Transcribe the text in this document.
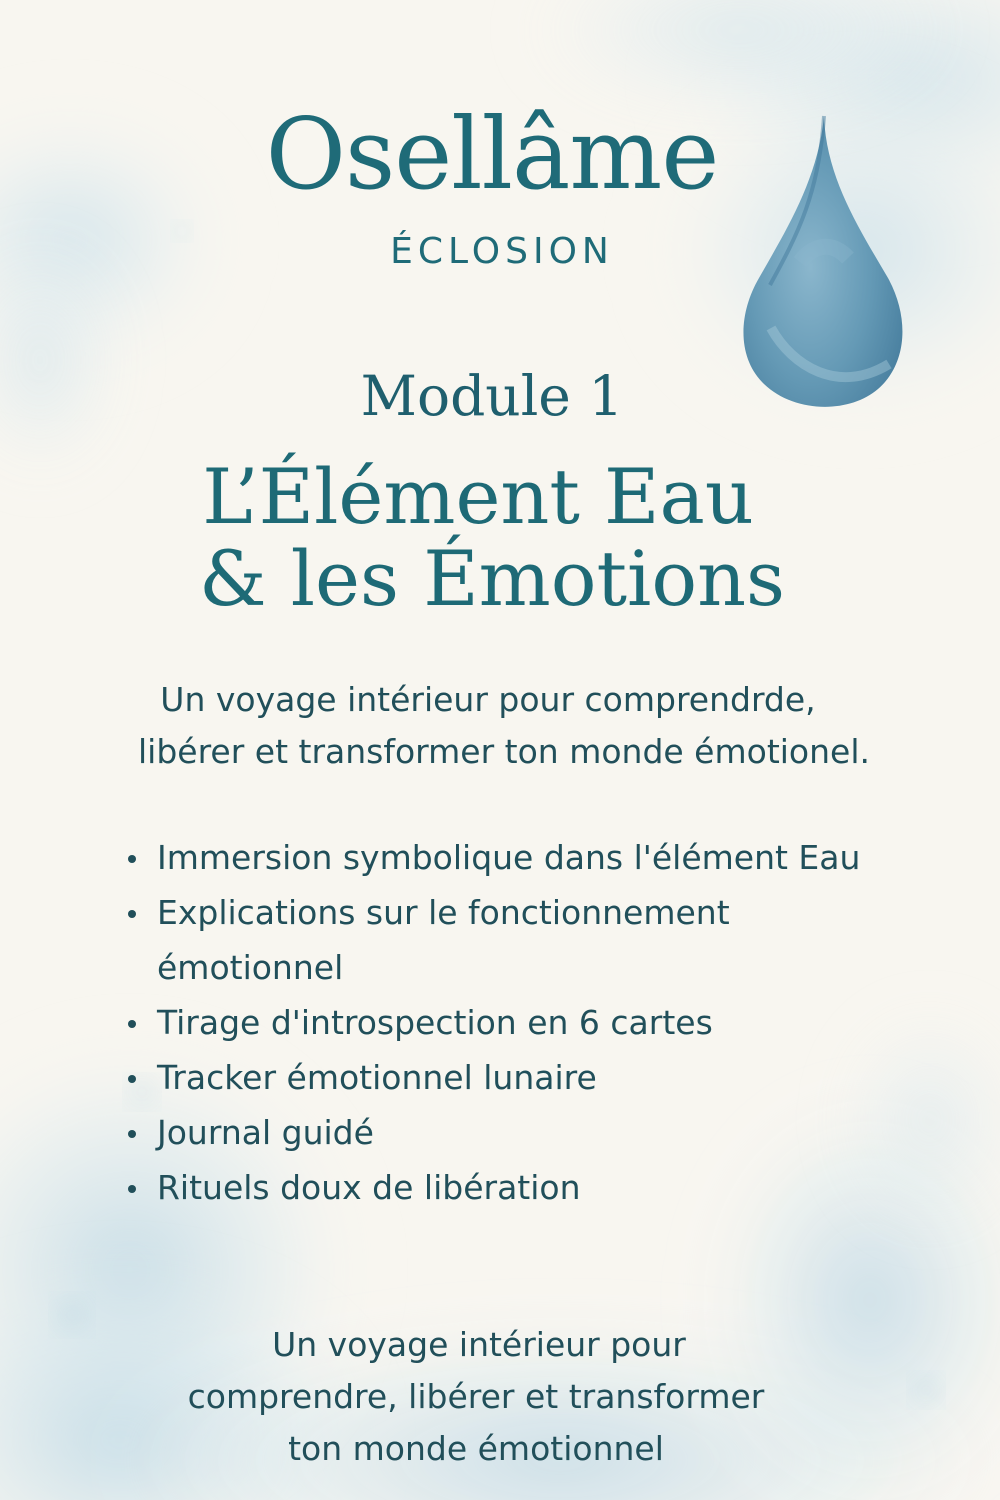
Osellâme
ÉCLOSION
Module 1
L’Élément Eau
& les Émotions
Un voyage intérieur pour comprendrde,
libérer et transformer ton monde émotionel.
Immersion symbolique dans l'élément Eau
Explications sur le fonctionnement émotionnel
Tirage d'introspection en 6 cartes
Tracker émotionnel lunaire
Journal guidé
Rituels doux de libération
Un voyage intérieur pour
comprendre, libérer et transformer
ton monde émotionnel
